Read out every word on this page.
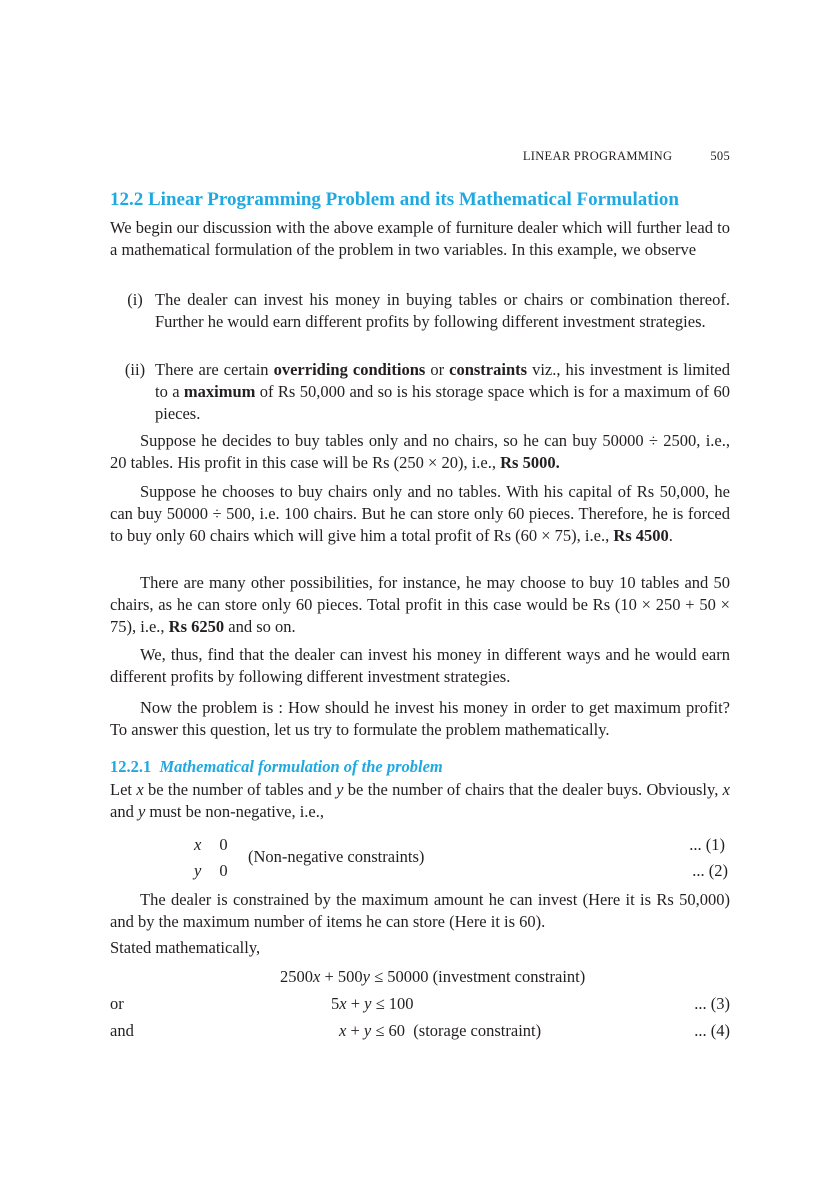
LINEAR PROGRAMMING	505
12.2 Linear Programming Problem and its Mathematical Formulation

We begin our discussion with the above example of furniture dealer which will further lead to a mathematical formulation of the problem in two variables. In this example, we observe

(i) The dealer can invest his money in buying tables or chairs or combination thereof. Further he would earn different profits by following different investment strategies.
(ii) There are certain overriding conditions or constraints viz., his investment is limited to a maximum of Rs 50,000 and so is his storage space which is for a maximum of 60 pieces.

Suppose he decides to buy tables only and no chairs, so he can buy 50000 ÷ 2500, i.e., 20 tables. His profit in this case will be Rs (250 × 20), i.e., Rs 5000.

Suppose he chooses to buy chairs only and no tables. With his capital of Rs 50,000, he can buy 50000 ÷ 500, i.e. 100 chairs. But he can store only 60 pieces. Therefore, he is forced to buy only 60 chairs which will give him a total profit of Rs (60 × 75), i.e., Rs 4500.

There are many other possibilities, for instance, he may choose to buy 10 tables and 50 chairs, as he can store only 60 pieces. Total profit in this case would be Rs (10 × 250 + 50 × 75), i.e., Rs 6250 and so on.

We, thus, find that the dealer can invest his money in different ways and he would earn different profits by following different investment strategies.

Now the problem is : How should he invest his money in order to get maximum profit? To answer this question, let us try to formulate the problem mathematically.

12.2.1 Mathematical formulation of the problem

Let x be the number of tables and y be the number of chairs that the dealer buys. Obviously, x and y must be non-negative, i.e.,

x 0	... (1)
(Non-negative constraints)
y 0	... (2)

The dealer is constrained by the maximum amount he can invest (Here it is Rs 50,000) and by the maximum number of items he can store (Here it is 60).

Stated mathematically,

2500x + 500y ≤ 50000 (investment constraint)
or	5x + y ≤ 100	... (3)
and	x + y ≤ 60  (storage constraint)	... (4)
